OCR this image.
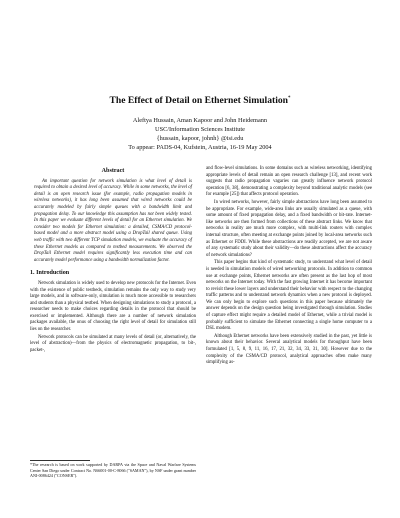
The Effect of Detail on Ethernet Simulation*
Aleftya Hussain, Aman Kapoor and John Heidemann
USC/Information Sciences Institute
{hussain, kapoor, johnh} @isi.edu
To appear: PADS-04, Kufstein, Austria, 16-19 May 2004
Abstract

An important question for network simulation is what level of detail is required to obtain a desired level of accuracy. While in some networks, the level of detail is an open research issue (for example, radio propagation models in wireless networks), it has long been assumed that wired networks could be accurately modeled by fairly simple queues with a bandwidth limit and propagation delay. To our knowledge this assumption has not been widely tested. In this paper we evaluate different levels of detail for an Ethernet simulation. We consider two models for Ethernet simulation: a detailed, CSMA/CD protocol-based model and a more abstract model using a DropTail shared queue. Using web traffic with two different TCP simulation models, we evaluate the accuracy of these Ethernet models as compared to testbed measurements. We observed the DropTail Ethernet model requires significantly less execution time and can accurately model performance using a bandwidth normalization factor.

1. Introduction

Network simulation is widely used to develop new protocols for the Internet. Even with the existence of public testbeds, simulation remains the only way to study very large models, and in software-only, simulation is much more accessible to researchers and students than a physical testbed. When designing simulations to study a protocol, a researcher needs to make choices regarding details in the protocol that should be exercised or implemented. Although there are a number of network simulation packages available, the onus of choosing the right level of detail for simulation still lies on the researcher.

Network protocols can be simulated at many levels of detail (or, alternatively, the level of abstraction)—from the physics of electromagnetic propagation, to bit-, packet-,

*The research is based on work supported by DARPA via the Space and Naval Warfare Systems Center San Diego under Contract No. N66001-00-C-8066 ("SAMAN"), by NSF under grant number ANI-0086424 ("CONSER").

and flow-level simulations. In some domains such as wireless networking, identifying appropriate levels of detail remain an open research challenge [13], and recent work suggests that radio propagation vagaries can greatly influence network protocol operation [6, 38], demonstrating a complexity beyond traditional analytic models (see for example [25]) that affects protocol operation.

In wired networks, however, fairly simple abstractions have long been assumed to be appropriate. For example, wide-area links are usually simulated as a queue, with some amount of fixed propagation delay, and a fixed bandwidth or bit-rate. Internet-like networks are then formed from collections of these abstract links. We know that networks in reality are much more complex, with multi-link routers with complex internal structure, often meeting at exchange points joined by local-area networks such as Ethernet or FDDI. While these abstractions are readily accepted, we are not aware of any systematic study about their validity—do these abstractions affect the accuracy of network simulations?

This paper begins that kind of systematic study, to understand what level of detail is needed in simulation models of wired networking protocols. In addition to common use at exchange points, Ethernet networks are often present as the last hop of most networks on the Internet today. With the fast growing Internet it has become important to revisit these lower layers and understand their behavior with respect to the changing traffic patterns and to understand network dynamics when a new protocol is deployed. We can only begin to explore such questions in this paper because ultimately the answer depends on the design question being investigated through simulation. Studies of capture effect might require a detailed model of Ethernet, while a trivial model is probably sufficient to simulate the Ethernet connecting a single home computer to a DSL modem.

Although Ethernet networks have been extensively studied in the past, yet little is known about their behavior. Several analytical models for throughput have been formulated [1, 5, 8, 9, 11, 16, 17, 21, 32, 34, 33, 31, 30]. However due to the complexity of the CSMA/CD protocol, analytical approaches often make many simplifying as-
